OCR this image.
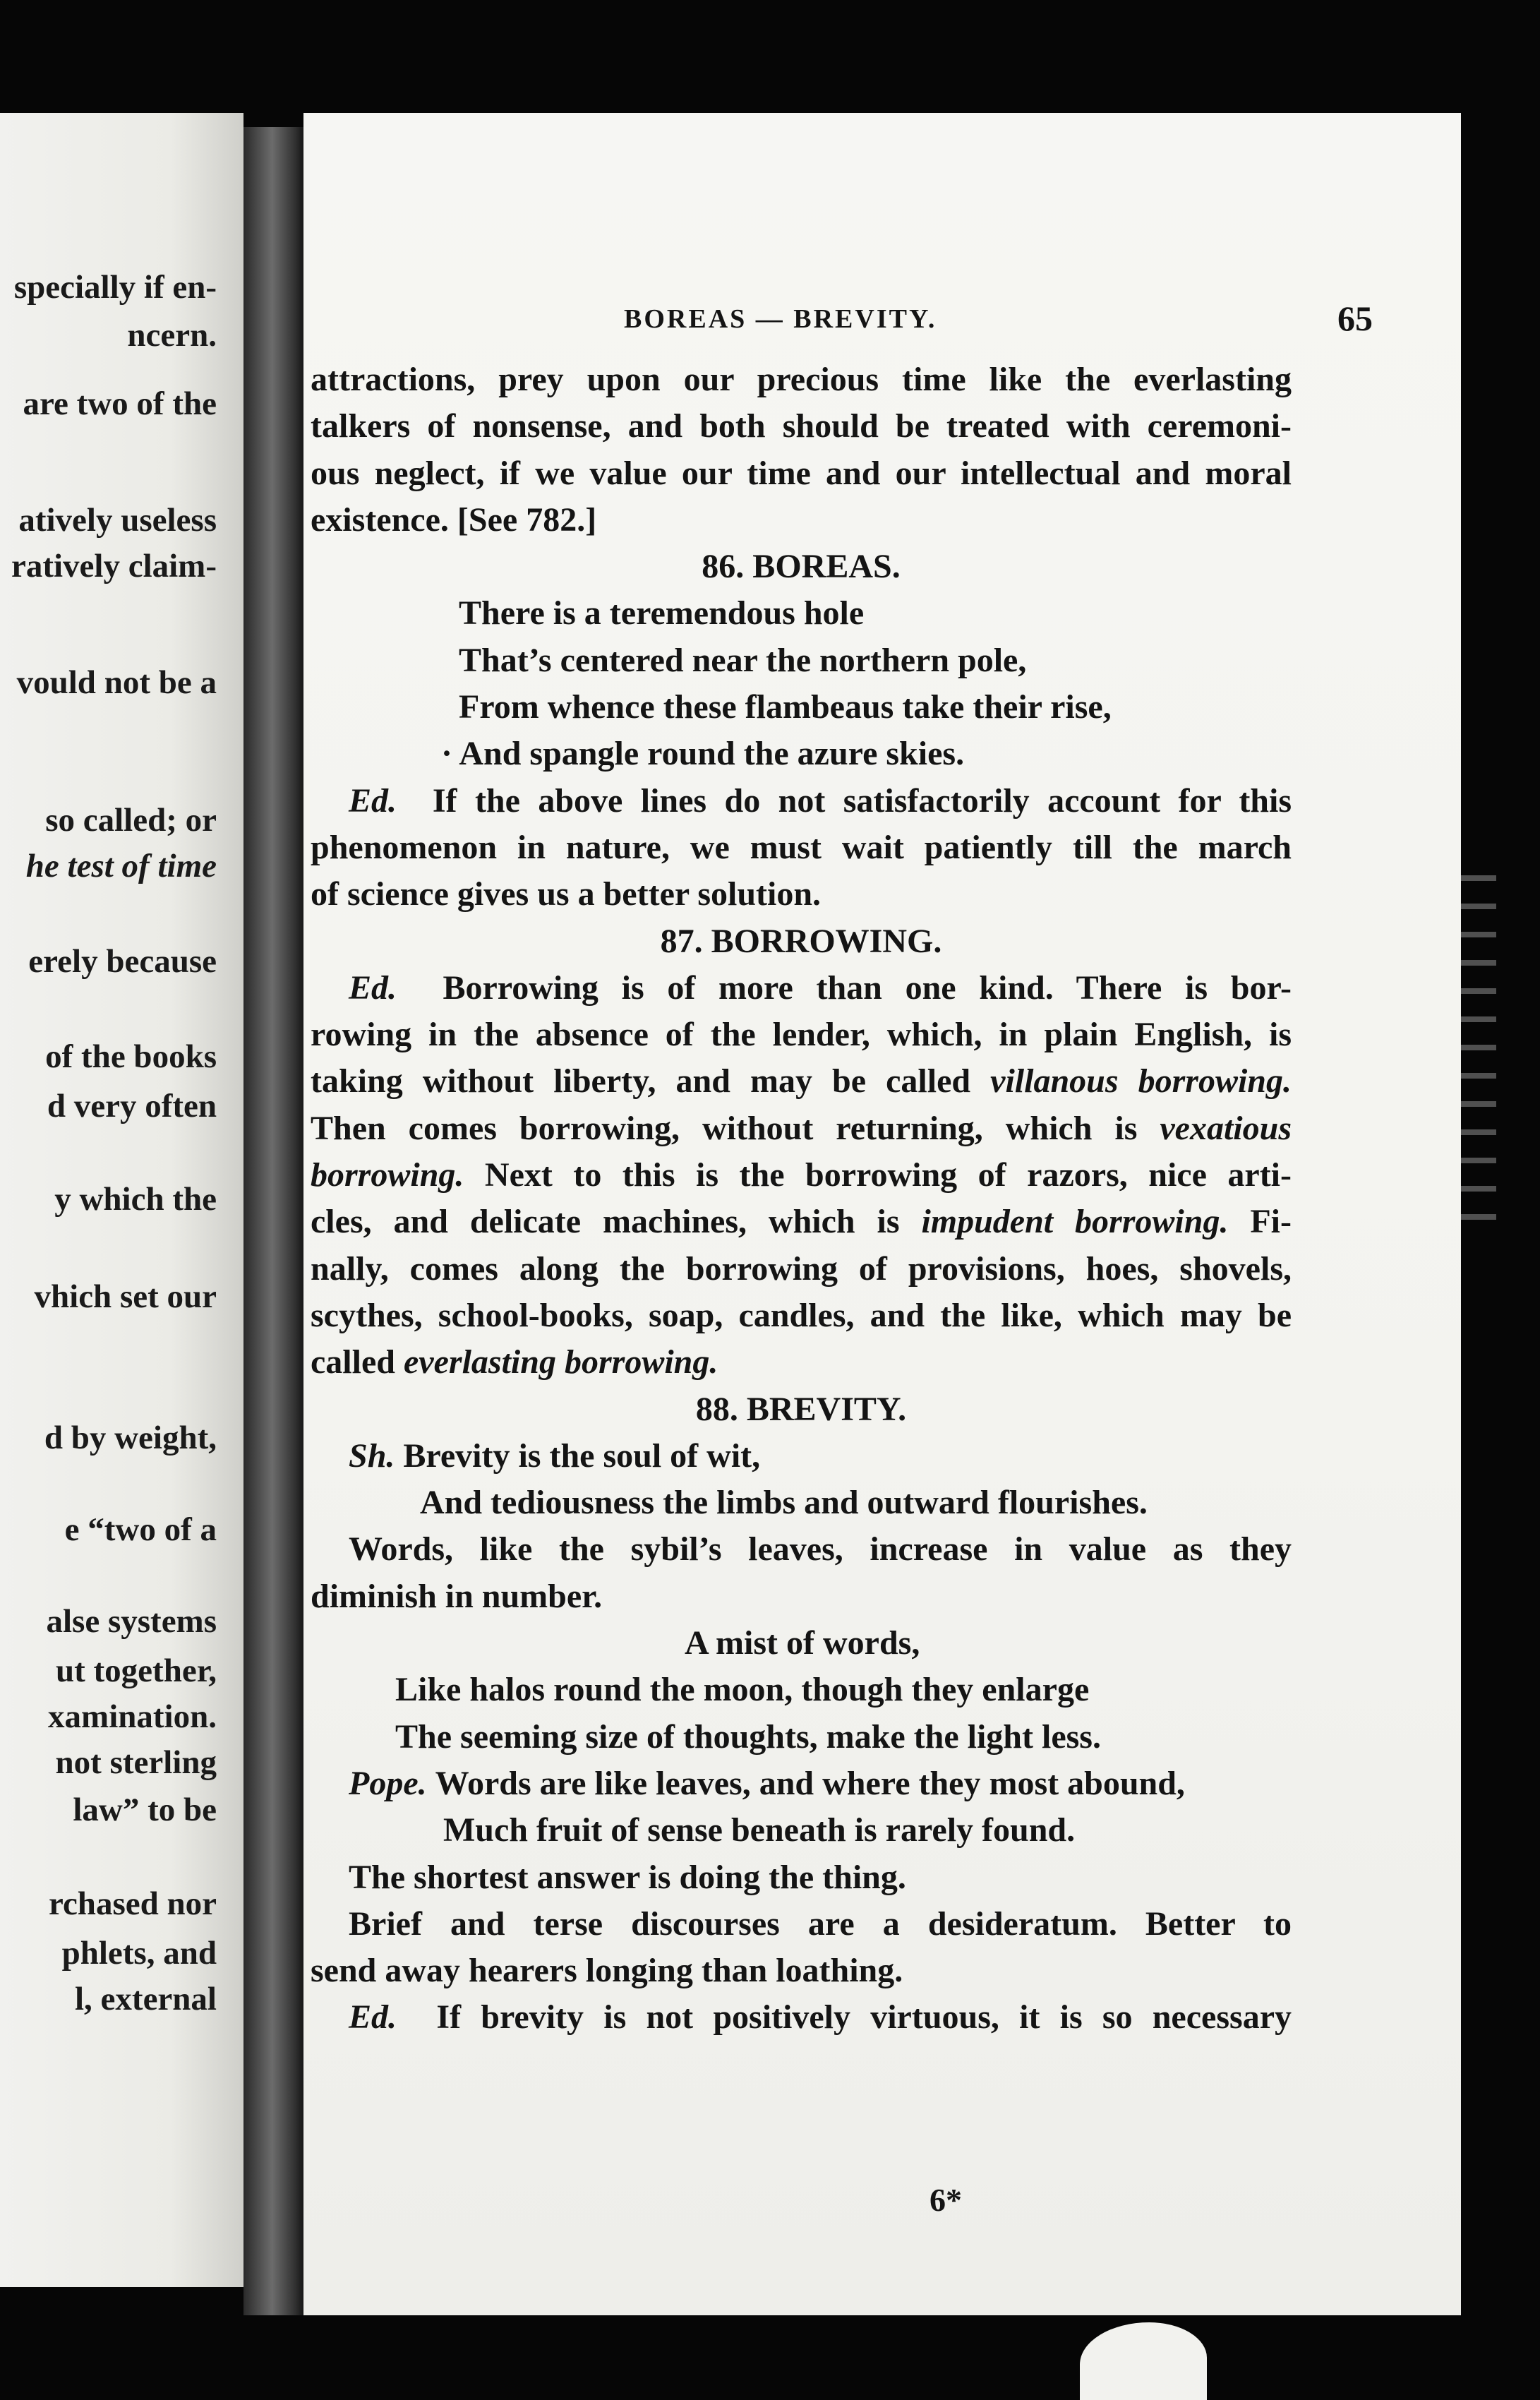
specially if en-
ncern.
are two of the
atively useless
ratively claim-
vould not be a
so called; or
he test of time
erely because
of the books
d very often
y which the
vhich set our
d by weight,
e “two of a
alse systems
ut together,
xamination.
not sterling
law” to be
rchased nor
phlets, and
l, external
BOREAS — BREVITY.	65
attractions, prey upon our precious time like the everlasting
talkers of nonsense, and both should be treated with ceremoni-
ous neglect, if we value our time and our intellectual and moral
existence. [See 782.]
86. BOREAS.
There is a teremendous hole
That’s centered near the northern pole,
From whence these flambeaus take their rise,
· And spangle round the azure skies.
Ed. If the above lines do not satisfactorily account for this
phenomenon in nature, we must wait patiently till the march
of science gives us a better solution.
87. BORROWING.
Ed. Borrowing is of more than one kind. There is bor-
rowing in the absence of the lender, which, in plain English, is
taking without liberty, and may be called villanous borrowing.
Then comes borrowing, without returning, which is vexatious
borrowing. Next to this is the borrowing of razors, nice arti-
cles, and delicate machines, which is impudent borrowing. Fi-
nally, comes along the borrowing of provisions, hoes, shovels,
scythes, school-books, soap, candles, and the like, which may be
called everlasting borrowing.
88. BREVITY.
Sh. Brevity is the soul of wit,
And tediousness the limbs and outward flourishes.
Words, like the sybil’s leaves, increase in value as they
diminish in number.
A mist of words,
Like halos round the moon, though they enlarge
The seeming size of thoughts, make the light less.
Pope. Words are like leaves, and where they most abound,
Much fruit of sense beneath is rarely found.
The shortest answer is doing the thing.
Brief and terse discourses are a desideratum. Better to
send away hearers longing than loathing.
Ed. If brevity is not positively virtuous, it is so necessary
6*
